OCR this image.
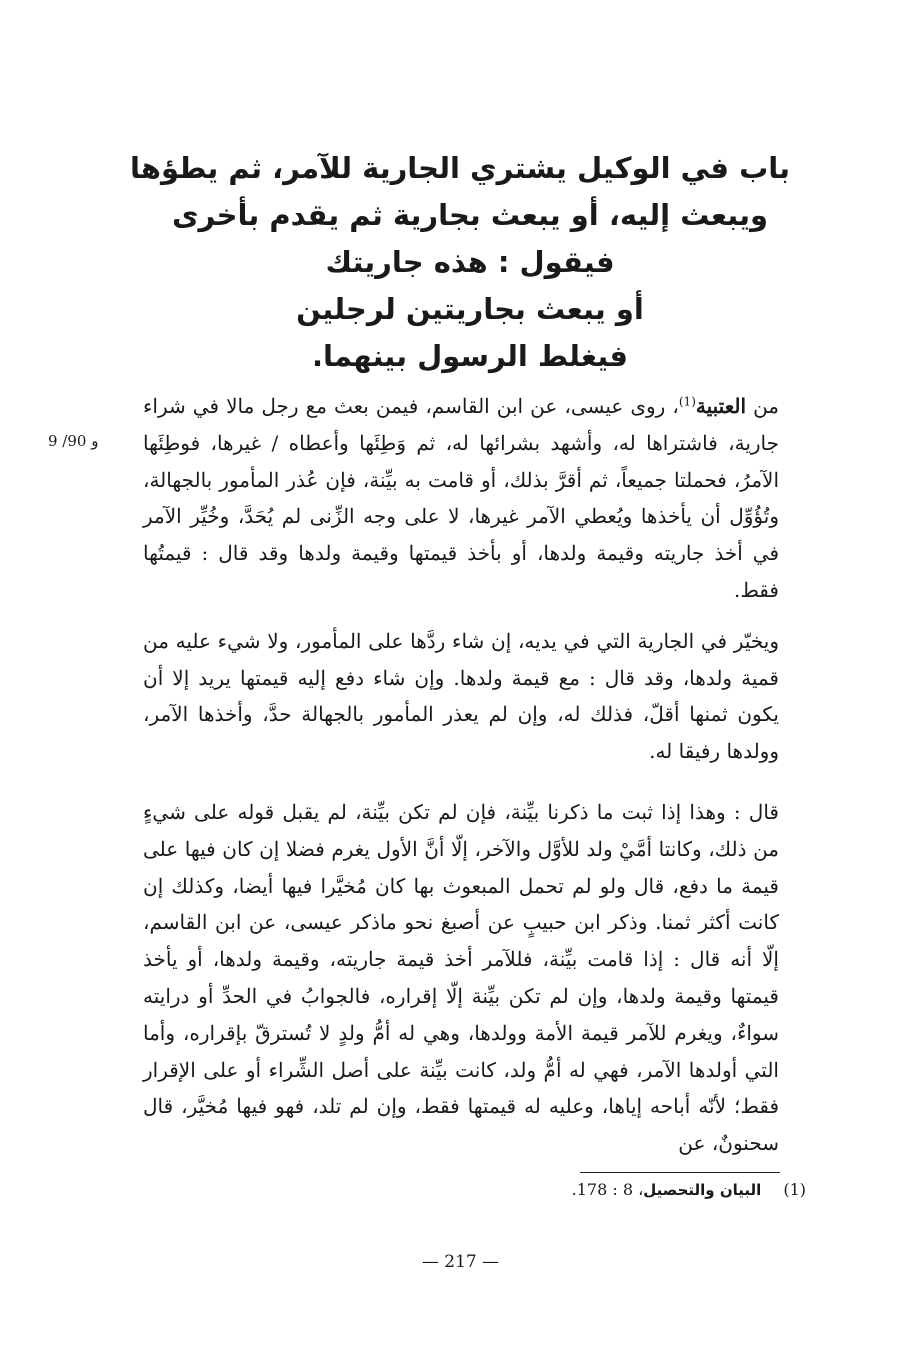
باب في الوكيل يشتري الجارية للآمر، ثم يطؤها

ويبعث إليه، أو يبعث بجارية ثم يقدم بأخرى

فيقول : هذه جاريتك

أو يبعث بجاريتين لرجلين

فيغلط الرسول بينهما.

9 /90 و

من العتبية$^{(1)}$، روى عيسى، عن ابن القاسم، فيمن بعث مع رجل مالا في شراء جارية، فاشتراها له، وأشهد بشرائها له، ثم وَطِئَها وأعطاه / غيرها، فوطِئَها الآمرُ، فحملتا جميعاً، ثم أقرَّ بذلك، أو قامت به بيِّنة، فإن عُذر المأمور بالجهالة، وتُؤُوِّل أن يأخذها ويُعطي الآمر غيرها، لا على وجه الزِّنى لم يُحَدَّ، وخُيِّر الآمر في أخذ جاريته وقيمة ولدها، أو بأخذ قيمتها وقيمة ولدها وقد قال : قيمتُها فقط.

ويخيّر في الجارية التي في يديه، إن شاء ردَّها على المأمور، ولا شيء عليه من قمية ولدها، وقد قال : مع قيمة ولدها. وإن شاء دفع إليه قيمتها يريد إلا أن يكون ثمنها أقلّ، فذلك له، وإن لم يعذر المأمور بالجهالة حدَّ، وأخذها الآمر، وولدها رفيقا له.

قال : وهذا إذا ثبت ما ذكرنا بيِّنة، فإن لم تكن بيِّنة، لم يقبل قوله على شيءٍ من ذلك، وكانتا أمَّيْ ولد للأوَّل والآخر، إلّا أنَّ الأول يغرم فضلا إن كان فيها على قيمة ما دفع، قال ولو لم تحمل المبعوث بها كان مُخيَّرا فيها أيضا، وكذلك إن كانت أكثر ثمنا. وذكر ابن حبيبٍ عن أصبغ نحو ماذكر عيسى، عن ابن القاسم، إلّا أنه قال : إذا قامت بيِّنة، فللآمر أخذ قيمة جاريته، وقيمة ولدها، أو يأخذ قيمتها وقيمة ولدها، وإن لم تكن بيِّنة إلّا إقراره، فالجوابُ في الحدِّ أو درايته سواءٌ، ويغرم للآمر قيمة الأمة وولدها، وهي له أمُّ ولدٍ لا تُسترقّ بإقراره، وأما التي أولدها الآمر، فهي له أمُّ ولد، كانت بيِّنة على أصل الشِّراء أو على الإقرار فقط؛ لأنّه أباحه إياها، وعليه له قيمتها فقط، وإن لم تلد، فهو فيها مُخيَّر، قال سحنونٌ، عن

(1)البيان والتحصيل، 8 : 178.
— 217 —
